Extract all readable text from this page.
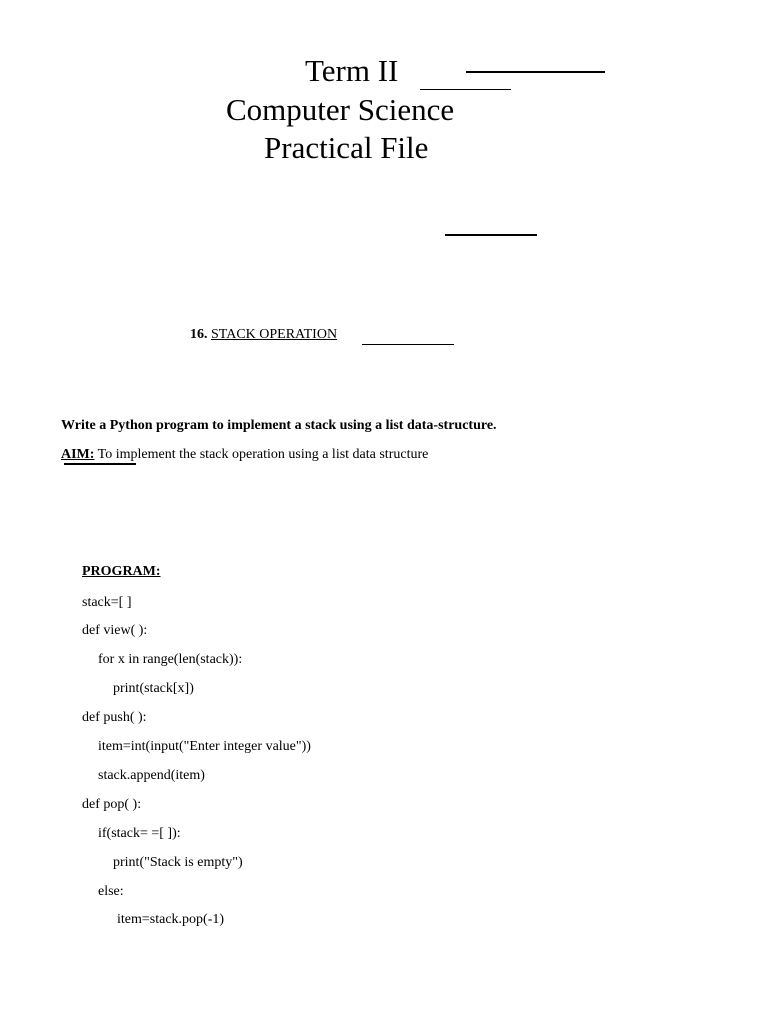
Term II
Computer Science
Practical File
16. STACK OPERATION
Write a Python program to implement a stack using a list data-structure.
AIM: To implement the stack operation using a list data structure
PROGRAM:
stack=[ ]
def view( ):
for x in range(len(stack)):
print(stack[x])
def push( ):
item=int(input("Enter integer value"))
stack.append(item)
def pop( ):
if(stack= =[ ]):
print("Stack is empty")
else:
item=stack.pop(-1)
